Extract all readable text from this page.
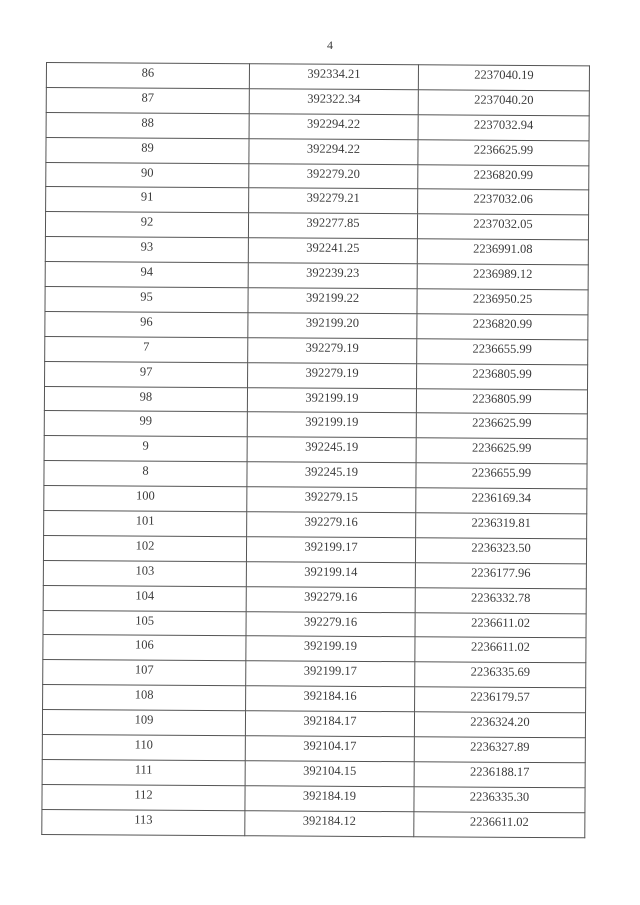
4
86	392334.21	2237040.19
87	392322.34	2237040.20
88	392294.22	2237032.94
89	392294.22	2236625.99
90	392279.20	2236820.99
91	392279.21	2237032.06
92	392277.85	2237032.05
93	392241.25	2236991.08
94	392239.23	2236989.12
95	392199.22	2236950.25
96	392199.20	2236820.99
7	392279.19	2236655.99
97	392279.19	2236805.99
98	392199.19	2236805.99
99	392199.19	2236625.99
9	392245.19	2236625.99
8	392245.19	2236655.99
100	392279.15	2236169.34
101	392279.16	2236319.81
102	392199.17	2236323.50
103	392199.14	2236177.96
104	392279.16	2236332.78
105	392279.16	2236611.02
106	392199.19	2236611.02
107	392199.17	2236335.69
108	392184.16	2236179.57
109	392184.17	2236324.20
110	392104.17	2236327.89
111	392104.15	2236188.17
112	392184.19	2236335.30
113	392184.12	2236611.02
